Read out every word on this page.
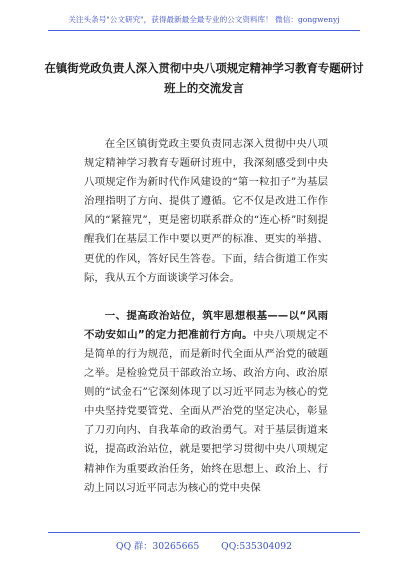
关注头条号"公文研究"，获得最新最全最专业的公文资料库！ 微信：gongwenyj
在镇街党政负责人深入贯彻中央八项规定精神学习教育专题研讨班上的交流发言

在全区镇街党政主要负责同志深入贯彻中央八项规定精神学习教育专题研讨班中，我深刻感受到中央八项规定作为新时代作风建设的“第一粒扣子”为基层治理指明了方向、提供了遵循。它不仅是改进工作作风的“紧箍咒”，更是密切联系群众的“连心桥”时刻提醒我们在基层工作中要以更严的标准、更实的举措、更优的作风，答好民生答卷。下面，结合街道工作实际，我从五个方面谈谈学习体会。

一、提高政治站位，筑牢思想根基——以“风雨不动安如山”的定力把准前行方向。中央八项规定不是简单的行为规范，而是新时代全面从严治党的破题之举。是检验党员干部政治立场、政治方向、政治原则的“试金石”它深刻体现了以习近平同志为核心的党中央坚持党要管党、全面从严治党的坚定决心，彰显了刀刃向内、自我革命的政治勇气。对于基层街道来说，提高政治站位，就是要把学习贯彻中央八项规定精神作为重要政治任务，始终在思想上、政治上、行动上同以习近平同志为核心的党中央保

QQ 群：30265665 QQ:535304092
